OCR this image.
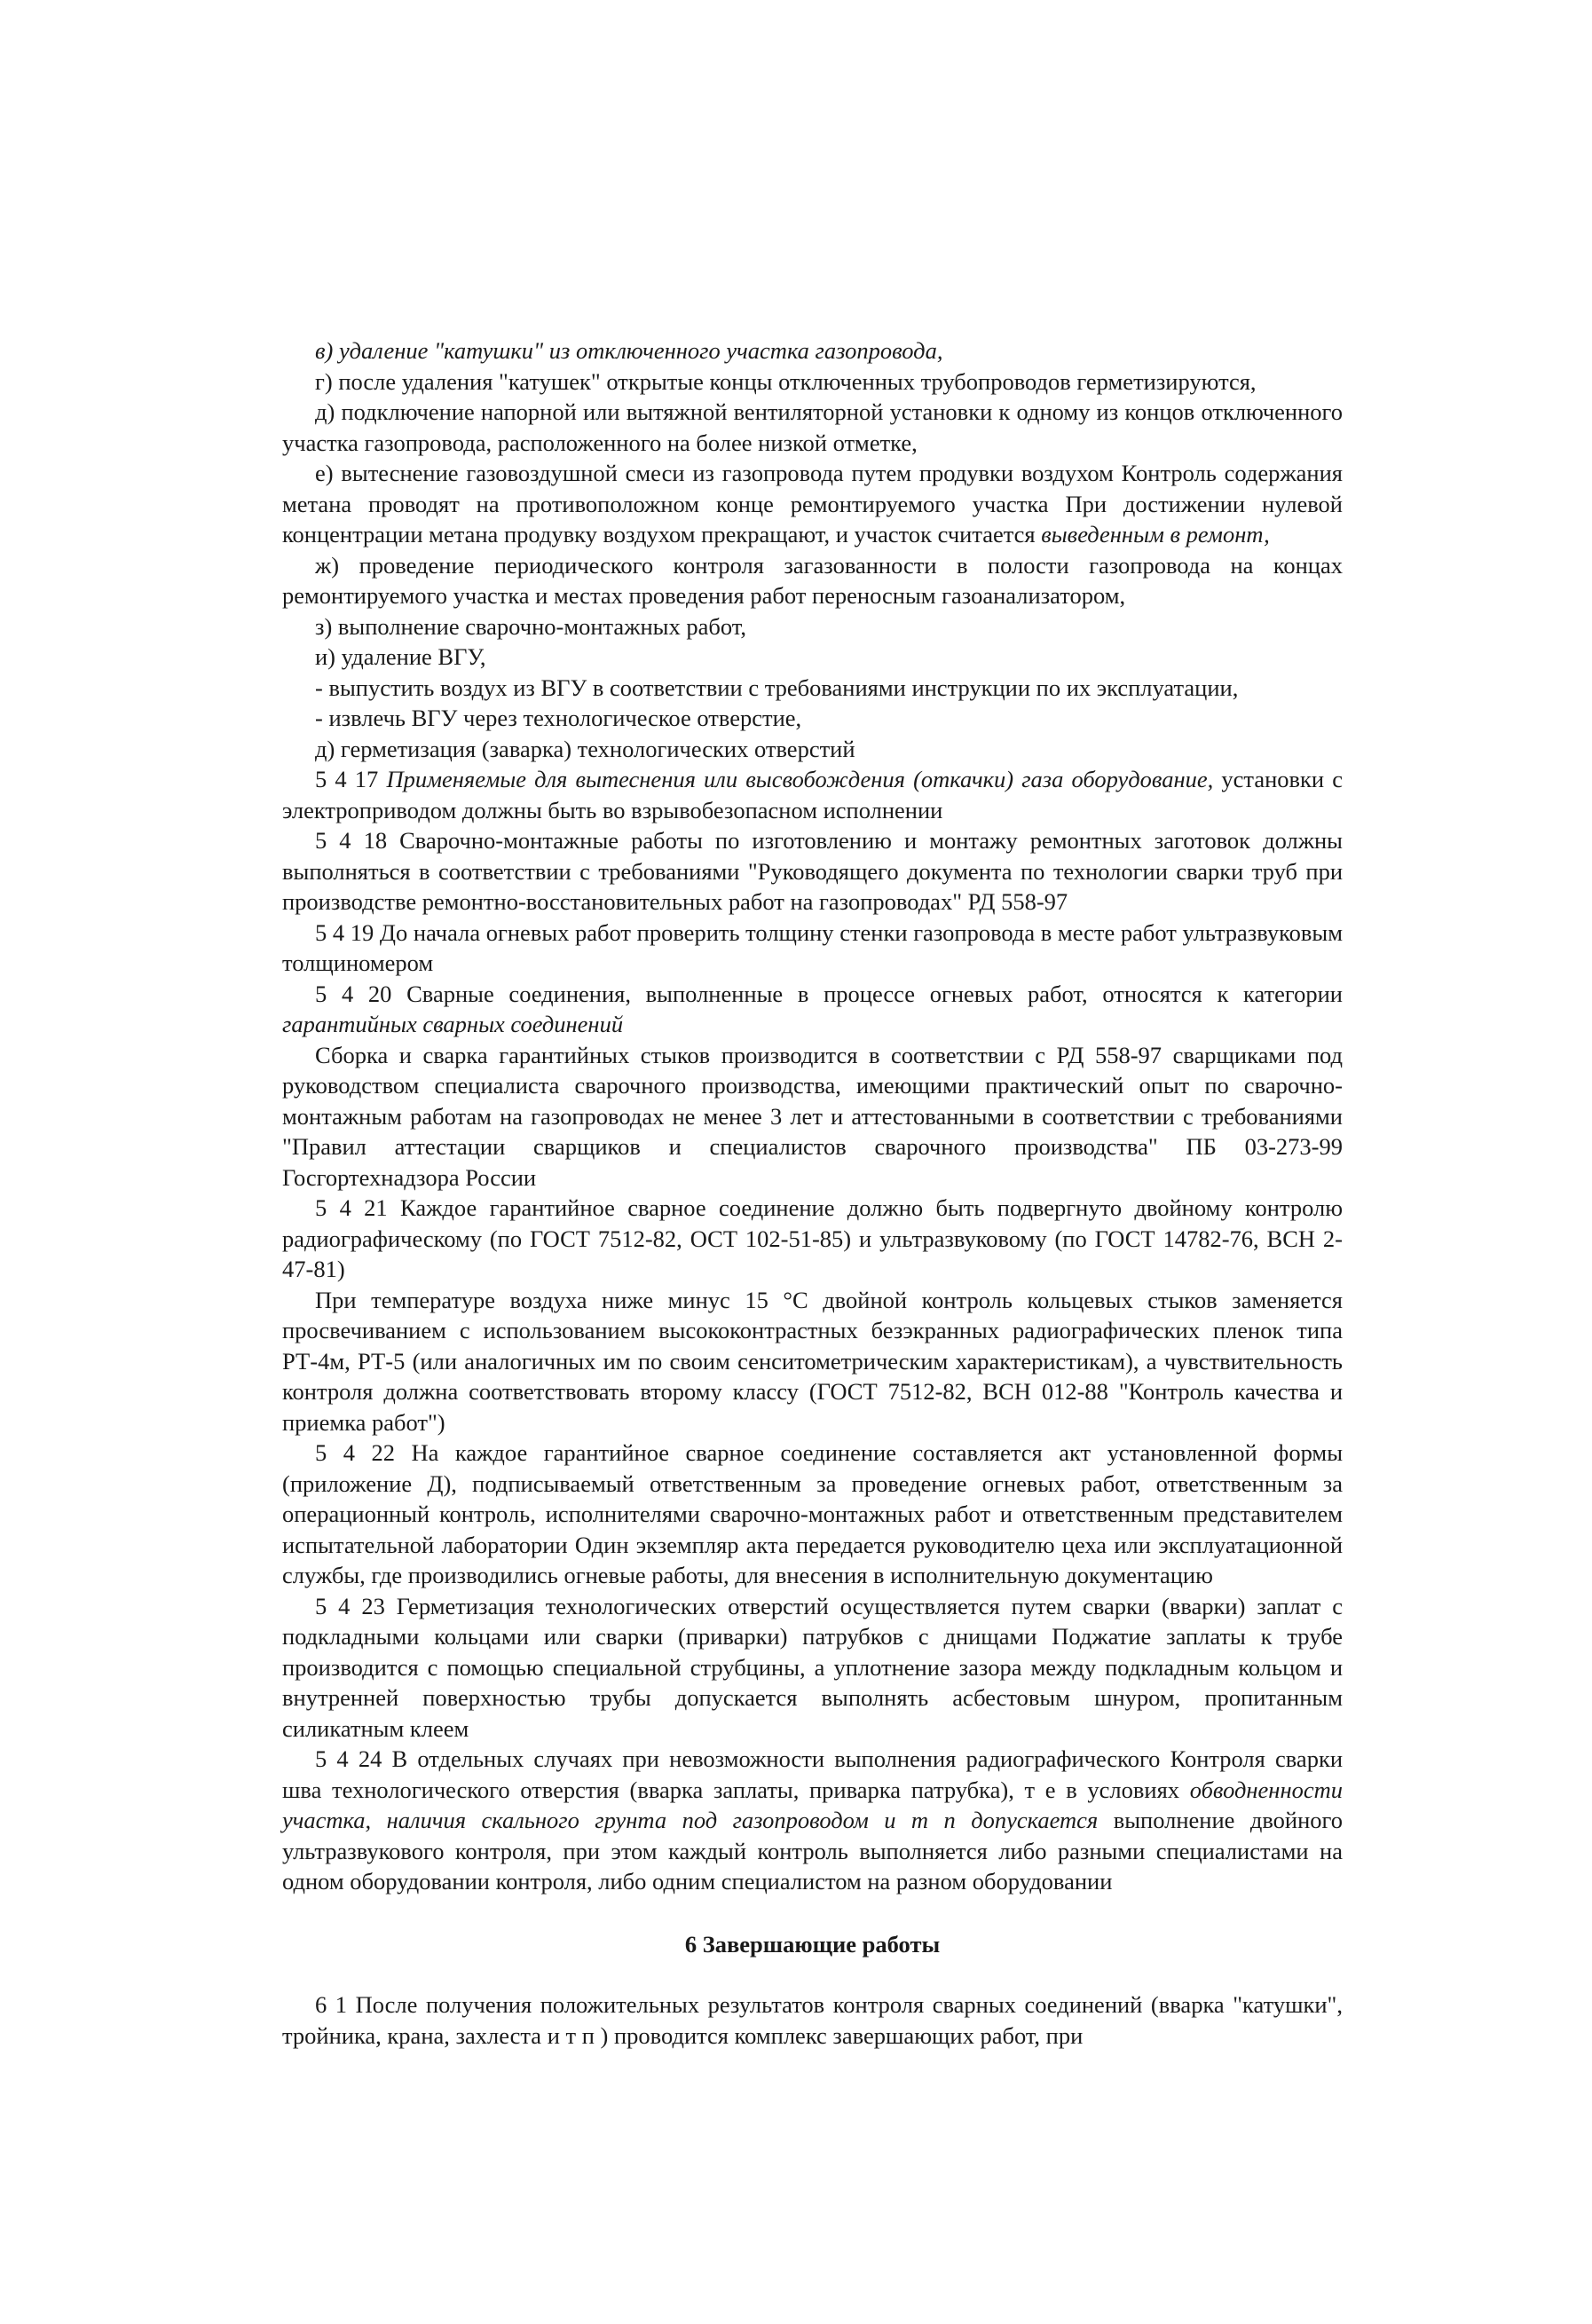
в) удаление "катушки" из отключенного участка газопровода,

г) после удаления "катушек" открытые концы отключенных трубопроводов герметизируются,

д) подключение напорной или вытяжной вентиляторной установки к одному из концов отключенного участка газопровода, расположенного на более низкой отметке,

е) вытеснение газовоздушной смеси из газопровода путем продувки воздухом Контроль содержания метана проводят на противоположном конце ремонтируемого участка При достижении нулевой концентрации метана продувку воздухом прекращают, и участок считается выведенным в ремонт,

ж) проведение периодического контроля загазованности в полости газопровода на концах ремонтируемого участка и местах проведения работ переносным газоанализатором,

з) выполнение сварочно-монтажных работ,

и) удаление ВГУ,

- выпустить воздух из ВГУ в соответствии с требованиями инструкции по их эксплуатации,

- извлечь ВГУ через технологическое отверстие,

д) герметизация (заварка) технологических отверстий

5 4 17 Применяемые для вытеснения или высвобождения (откачки) газа оборудование, установки с электроприводом должны быть во взрывобезопасном исполнении

5 4 18 Сварочно-монтажные работы по изготовлению и монтажу ремонтных заготовок должны выполняться в соответствии с требованиями "Руководящего документа по технологии сварки труб при производстве ремонтно-восстановительных работ на газопроводах" РД 558-97

5 4 19 До начала огневых работ проверить толщину стенки газопровода в месте работ ультразвуковым толщиномером

5 4 20 Сварные соединения, выполненные в процессе огневых работ, относятся к категории гарантийных сварных соединений

Сборка и сварка гарантийных стыков производится в соответствии с РД 558-97 сварщиками под руководством специалиста сварочного производства, имеющими практический опыт по сварочно-монтажным работам на газопроводах не менее 3 лет и аттестованными в соответствии с требованиями "Правил аттестации сварщиков и специалистов сварочного производства" ПБ 03-273-99 Госгортехнадзора России

5 4 21 Каждое гарантийное сварное соединение должно быть подвергнуто двойному контролю радиографическому (по ГОСТ 7512-82, ОСТ 102-51-85) и ультразвуковому (по ГОСТ 14782-76, ВСН 2-47-81)

При температуре воздуха ниже минус 15 °С двойной контроль кольцевых стыков заменяется просвечиванием с использованием высококонтрастных безэкранных радиографических пленок типа РТ-4м, РТ-5 (или аналогичных им по своим сенситометрическим характеристикам), а чувствительность контроля должна соответствовать второму классу (ГОСТ 7512-82, ВСН 012-88 "Контроль качества и приемка работ")

5 4 22 На каждое гарантийное сварное соединение составляется акт установленной формы (приложение Д), подписываемый ответственным за проведение огневых работ, ответственным за операционный контроль, исполнителями сварочно-монтажных работ и ответственным представителем испытательной лаборатории Один экземпляр акта передается руководителю цеха или эксплуатационной службы, где производились огневые работы, для внесения в исполнительную документацию

5 4 23 Герметизация технологических отверстий осуществляется путем сварки (вварки) заплат с подкладными кольцами или сварки (приварки) патрубков с днищами Поджатие заплаты к трубе производится с помощью специальной струбцины, а уплотнение зазора между подкладным кольцом и внутренней поверхностью трубы допускается выполнять асбестовым шнуром, пропитанным силикатным клеем

5 4 24 В отдельных случаях при невозможности выполнения радиографического Контроля сварки шва технологического отверстия (вварка заплаты, приварка патрубка), т е в условиях обводненности участка, наличия скального грунта под газопроводом и т п допускается выполнение двойного ультразвукового контроля, при этом каждый контроль выполняется либо разными специалистами на одном оборудовании контроля, либо одним специалистом на разном оборудовании

6 Завершающие работы

6 1 После получения положительных результатов контроля сварных соединений (вварка "катушки", тройника, крана, захлеста и т п ) проводится комплекс завершающих работ, при
